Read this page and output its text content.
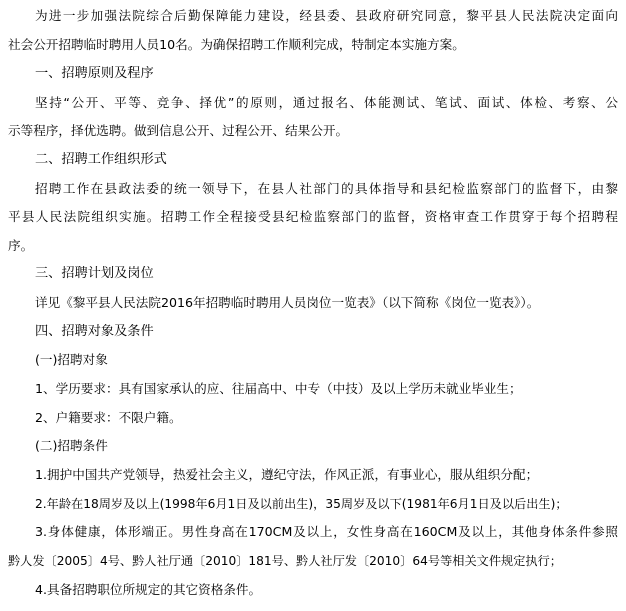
为进一步加强法院综合后勤保障能力建设，经县委、县政府研究同意，黎平县人民法院决定面向
社会公开招聘临时聘用人员10名。为确保招聘工作顺利完成，特制定本实施方案。
一、招聘原则及程序
坚持“公开、平等、竞争、择优”的原则，通过报名、体能测试、笔试、面试、体检、考察、公
示等程序，择优选聘。做到信息公开、过程公开、结果公开。
二、招聘工作组织形式
招聘工作在县政法委的统一领导下，在县人社部门的具体指导和县纪检监察部门的监督下，由黎
平县人民法院组织实施。招聘工作全程接受县纪检监察部门的监督，资格审查工作贯穿于每个招聘程
序。
三、招聘计划及岗位
详见《黎平县人民法院2016年招聘临时聘用人员岗位一览表》（以下简称《岗位一览表》）。
四、招聘对象及条件
(一)招聘对象
1、学历要求：具有国家承认的应、往届高中、中专（中技）及以上学历未就业毕业生；
2、户籍要求：不限户籍。
(二)招聘条件
1.拥护中国共产党领导，热爱社会主义，遵纪守法，作风正派，有事业心，服从组织分配；
2.年龄在18周岁及以上(1998年6月1日及以前出生)，35周岁及以下(1981年6月1日及以后出生)；
3.身体健康，体形端正。男性身高在170CM及以上，女性身高在160CM及以上，其他身体条件参照
黔人发〔2005〕4号、黔人社厅通〔2010〕181号、黔人社厅发〔2010〕64号等相关文件规定执行；
4.具备招聘职位所规定的其它资格条件。
